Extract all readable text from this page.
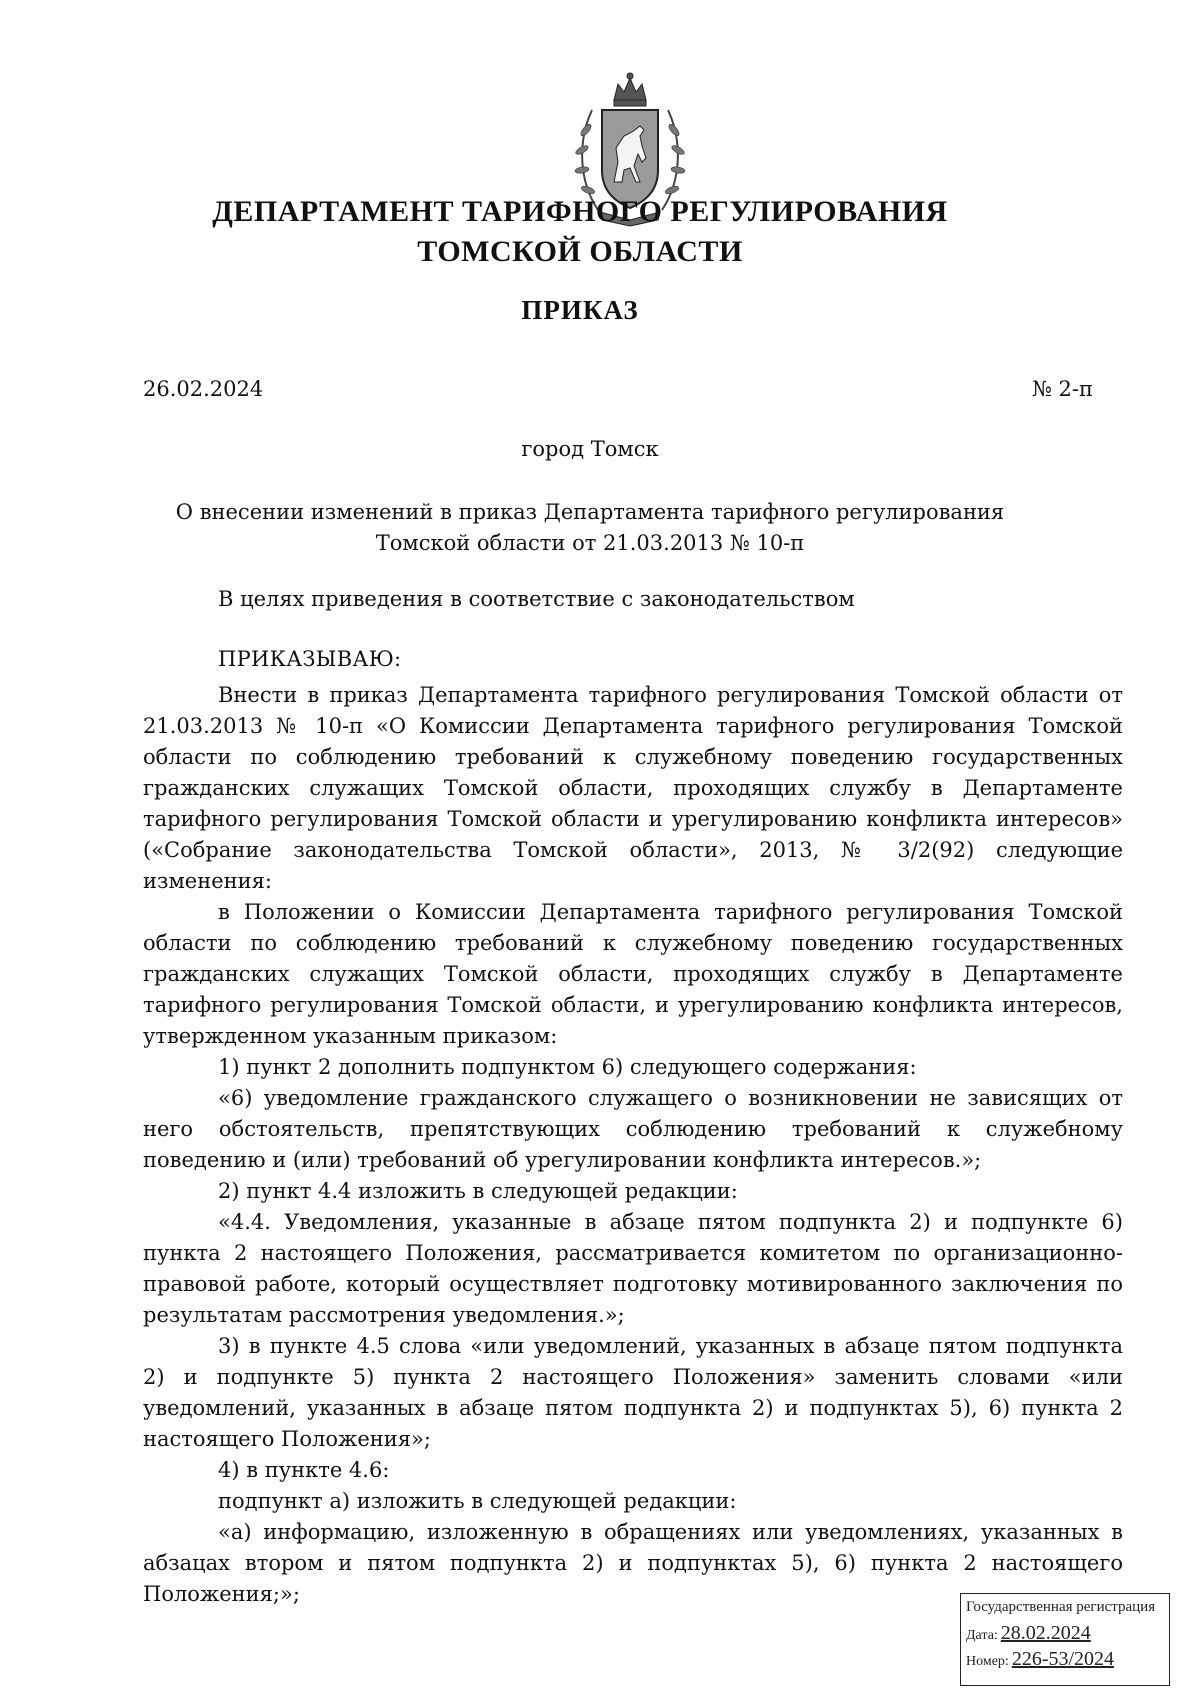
ДЕПАРТАМЕНТ ТАРИФНОГО РЕГУЛИРОВАНИЯ
ТОМСКОЙ ОБЛАСТИ
ПРИКАЗ
26.02.2024	№ 2-п
город Томск
О внесении изменений в приказ Департамента тарифного регулирования
Томской области от 21.03.2013 № 10-п
В целях приведения в соответствие с законодательством
ПРИКАЗЫВАЮ:

Внести в приказ Департамента тарифного регулирования Томской области от 21.03.2013 № 10-п «О Комиссии Департамента тарифного регулирования Томской области по соблюдению требований к служебному поведению государственных гражданских служащих Томской области, проходящих службу в Департаменте тарифного регулирования Томской области и урегулированию конфликта интересов» («Собрание законодательства Томской области», 2013, № 3/2(92) следующие изменения:

в Положении о Комиссии Департамента тарифного регулирования Томской области по соблюдению требований к служебному поведению государственных гражданских служащих Томской области, проходящих службу в Департаменте тарифного регулирования Томской области, и урегулированию конфликта интересов, утвержденном указанным приказом:

1) пункт 2 дополнить подпунктом 6) следующего содержания:

«6) уведомление гражданского служащего о возникновении не зависящих от него обстоятельств, препятствующих соблюдению требований к служебному поведению и (или) требований об урегулировании конфликта интересов.»;

2) пункт 4.4 изложить в следующей редакции:

«4.4. Уведомления, указанные в абзаце пятом подпункта 2) и подпункте 6) пункта 2 настоящего Положения, рассматривается комитетом по организационно-правовой работе, который осуществляет подготовку мотивированного заключения по результатам рассмотрения уведомления.»;

3) в пункте 4.5 слова «или уведомлений, указанных в абзаце пятом подпункта 2) и подпункте 5) пункта 2 настоящего Положения» заменить словами «или уведомлений, указанных в абзаце пятом подпункта 2) и подпунктах 5), 6) пункта 2 настоящего Положения»;

4) в пункте 4.6:

подпункт а) изложить в следующей редакции:

«а) информацию, изложенную в обращениях или уведомлениях, указанных в абзацах втором и пятом подпункта 2) и подпунктах 5), 6) пункта 2 настоящего Положения;»;

Государственная регистрация
Дата: 28.02.2024
Номер: 226-53/2024
